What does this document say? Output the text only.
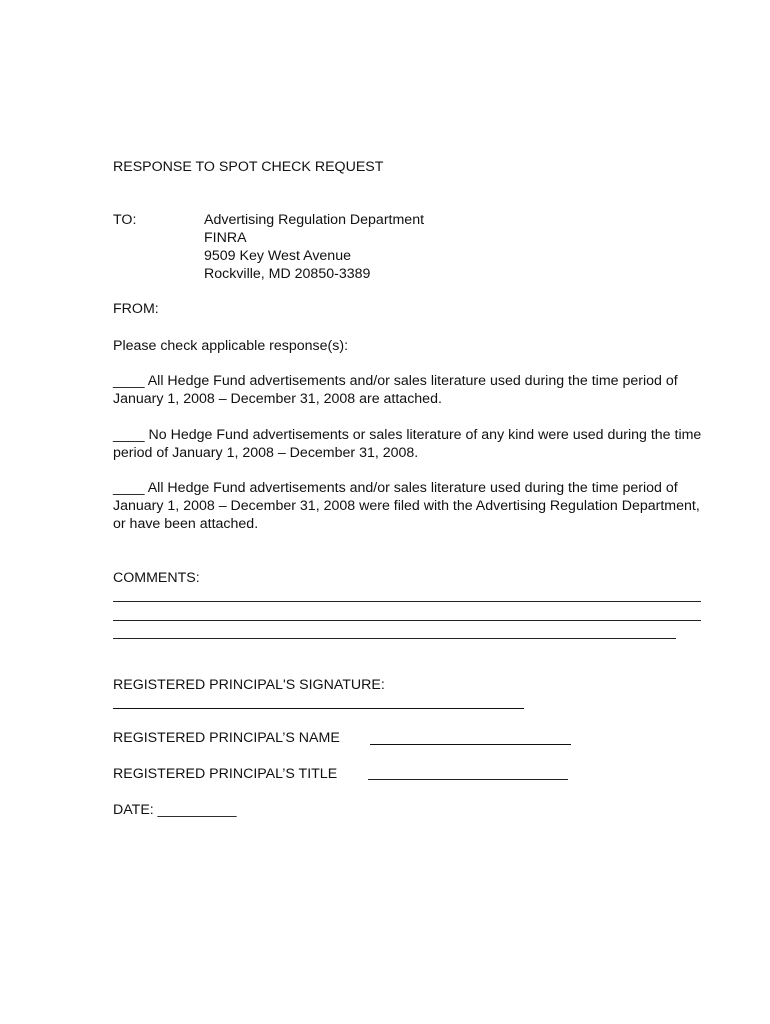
RESPONSE TO SPOT CHECK REQUEST
TO:	Advertising Regulation Department
FINRA
9509 Key West Avenue
Rockville, MD 20850-3389
FROM:
Please check applicable response(s):
____ All Hedge Fund advertisements and/or sales literature used during the time period of January 1, 2008 – December 31, 2008 are attached.
____ No Hedge Fund advertisements or sales literature of any kind were used during the time period of January 1, 2008 – December 31, 2008.
____ All Hedge Fund advertisements and/or sales literature used during the time period of January 1, 2008 – December 31, 2008 were filed with the Advertising Regulation Department, or have been attached.
COMMENTS:
REGISTERED PRINCIPAL'S SIGNATURE:
REGISTERED PRINCIPAL’S NAME
REGISTERED PRINCIPAL’S TITLE
DATE: __________
